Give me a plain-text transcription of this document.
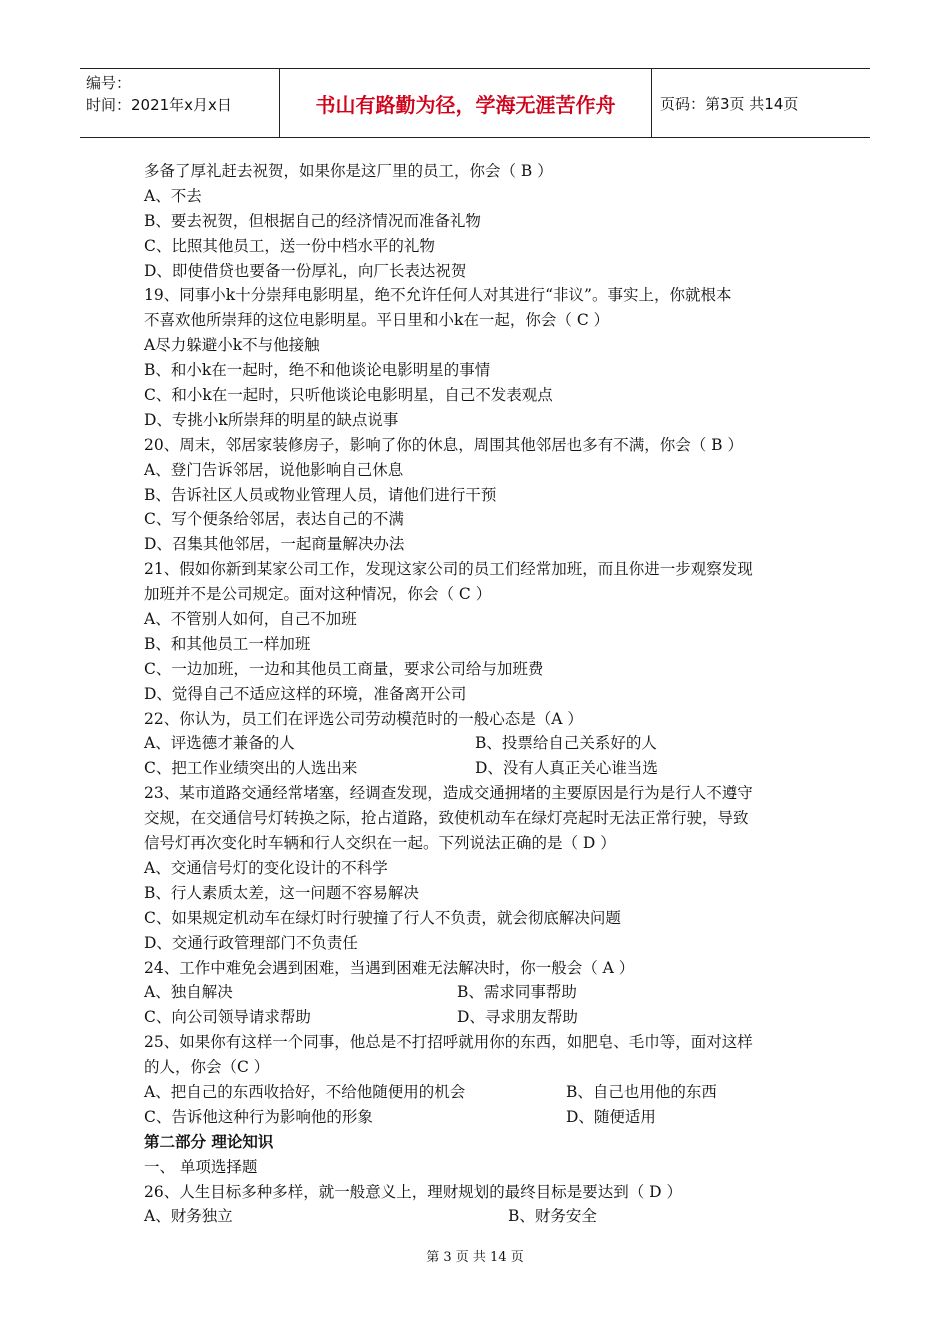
编号：
时间：2021年x月x日	书山有路勤为径，学海无涯苦作舟	页码：第3页 共14页
多备了厚礼赶去祝贺，如果你是这厂里的员工，你会（ B ）
A、不去
B、要去祝贺，但根据自己的经济情况而准备礼物
C、比照其他员工，送一份中档水平的礼物
D、即使借贷也要备一份厚礼，向厂长表达祝贺
19、同事小k十分崇拜电影明星，绝不允许任何人对其进行“非议”。事实上，你就根本
不喜欢他所崇拜的这位电影明星。平日里和小k在一起，你会（ C ）
A尽力躲避小k不与他接触
B、和小k在一起时，绝不和他谈论电影明星的事情
C、和小k在一起时，只听他谈论电影明星，自己不发表观点
D、专挑小k所崇拜的明星的缺点说事
20、周末，邻居家装修房子，影响了你的休息，周围其他邻居也多有不满，你会（ B ）
A、登门告诉邻居，说他影响自己休息
B、告诉社区人员或物业管理人员，请他们进行干预
C、写个便条给邻居，表达自己的不满
D、召集其他邻居，一起商量解决办法
21、假如你新到某家公司工作，发现这家公司的员工们经常加班，而且你进一步观察发现
加班并不是公司规定。面对这种情况，你会（ C ）
A、不管别人如何，自己不加班
B、和其他员工一样加班
C、一边加班，一边和其他员工商量，要求公司给与加班费
D、觉得自己不适应这样的环境，准备离开公司
22、你认为，员工们在评选公司劳动模范时的一般心态是（A ）
A、评选德才兼备的人	B、投票给自己关系好的人
C、把工作业绩突出的人选出来	D、没有人真正关心谁当选
23、某市道路交通经常堵塞，经调查发现，造成交通拥堵的主要原因是行为是行人不遵守
交规，在交通信号灯转换之际，抢占道路，致使机动车在绿灯亮起时无法正常行驶，导致
信号灯再次变化时车辆和行人交织在一起。下列说法正确的是（ D ）
A、交通信号灯的变化设计的不科学
B、行人素质太差，这一问题不容易解决
C、如果规定机动车在绿灯时行驶撞了行人不负责，就会彻底解决问题
D、交通行政管理部门不负责任
24、工作中难免会遇到困难，当遇到困难无法解决时，你一般会（ A ）
A、独自解决	B、需求同事帮助
C、向公司领导请求帮助	D、寻求朋友帮助
25、如果你有这样一个同事，他总是不打招呼就用你的东西，如肥皂、毛巾等，面对这样
的人，你会（C ）
A、把自己的东西收拾好，不给他随便用的机会	B、自己也用他的东西
C、告诉他这种行为影响他的形象	D、随便适用
第二部分 理论知识
一、 单项选择题
26、人生目标多种多样，就一般意义上，理财规划的最终目标是要达到（ D ）
A、财务独立	B、财务安全
第 3 页 共 14 页
